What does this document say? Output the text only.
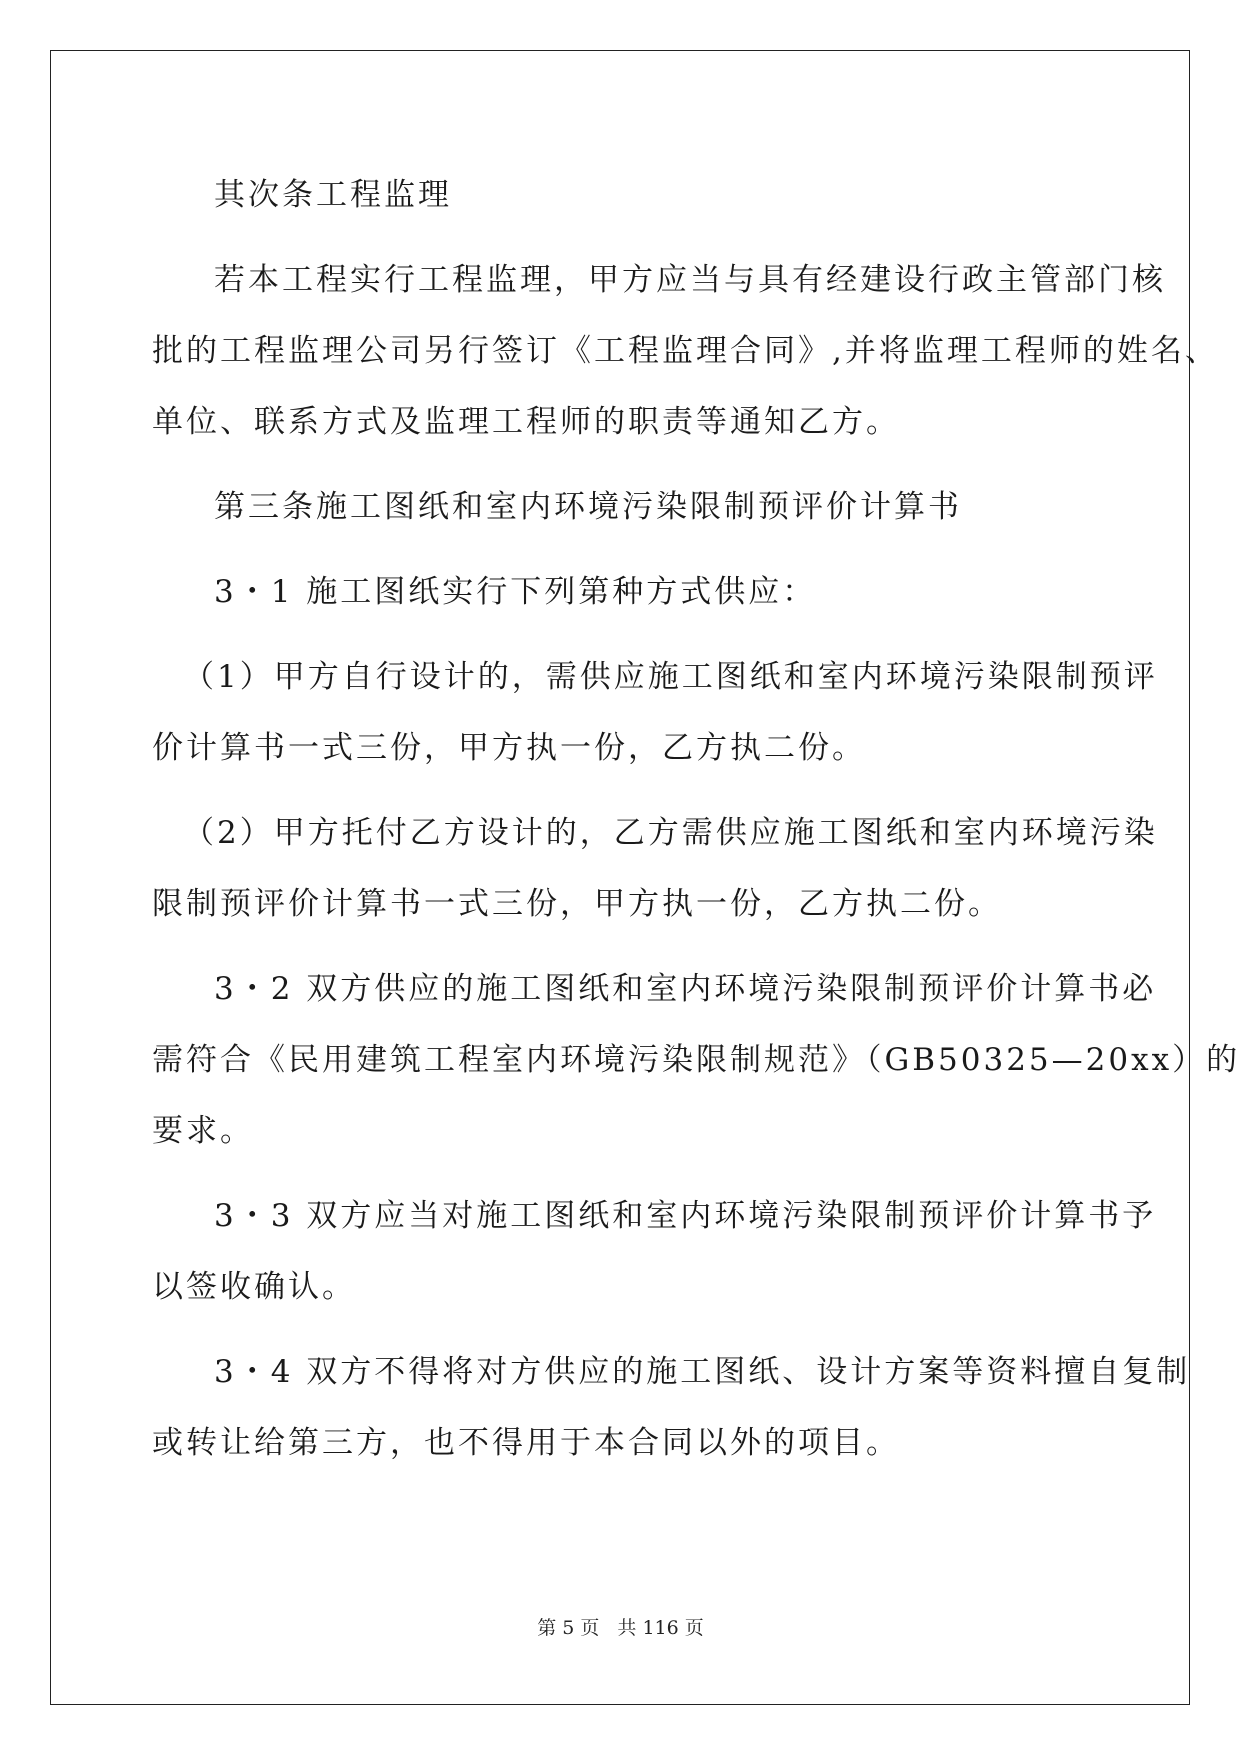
其次条工程监理
若本工程实行工程监理，甲方应当与具有经建设行政主管部门核
批的工程监理公司另行签订《工程监理合同》,并将监理工程师的姓名、
单位、联系方式及监理工程师的职责等通知乙方。
第三条施工图纸和室内环境污染限制预评价计算书
3・1 施工图纸实行下列第种方式供应：
（1）甲方自行设计的，需供应施工图纸和室内环境污染限制预评
价计算书一式三份，甲方执一份，乙方执二份。
（2）甲方托付乙方设计的，乙方需供应施工图纸和室内环境污染
限制预评价计算书一式三份，甲方执一份，乙方执二份。
3・2 双方供应的施工图纸和室内环境污染限制预评价计算书必
需符合《民用建筑工程室内环境污染限制规范》（GB50325—20xx）的
要求。
3・3 双方应当对施工图纸和室内环境污染限制预评价计算书予
以签收确认。
3・4 双方不得将对方供应的施工图纸、设计方案等资料擅自复制
或转让给第三方，也不得用于本合同以外的项目。
第 5 页 共 116 页
